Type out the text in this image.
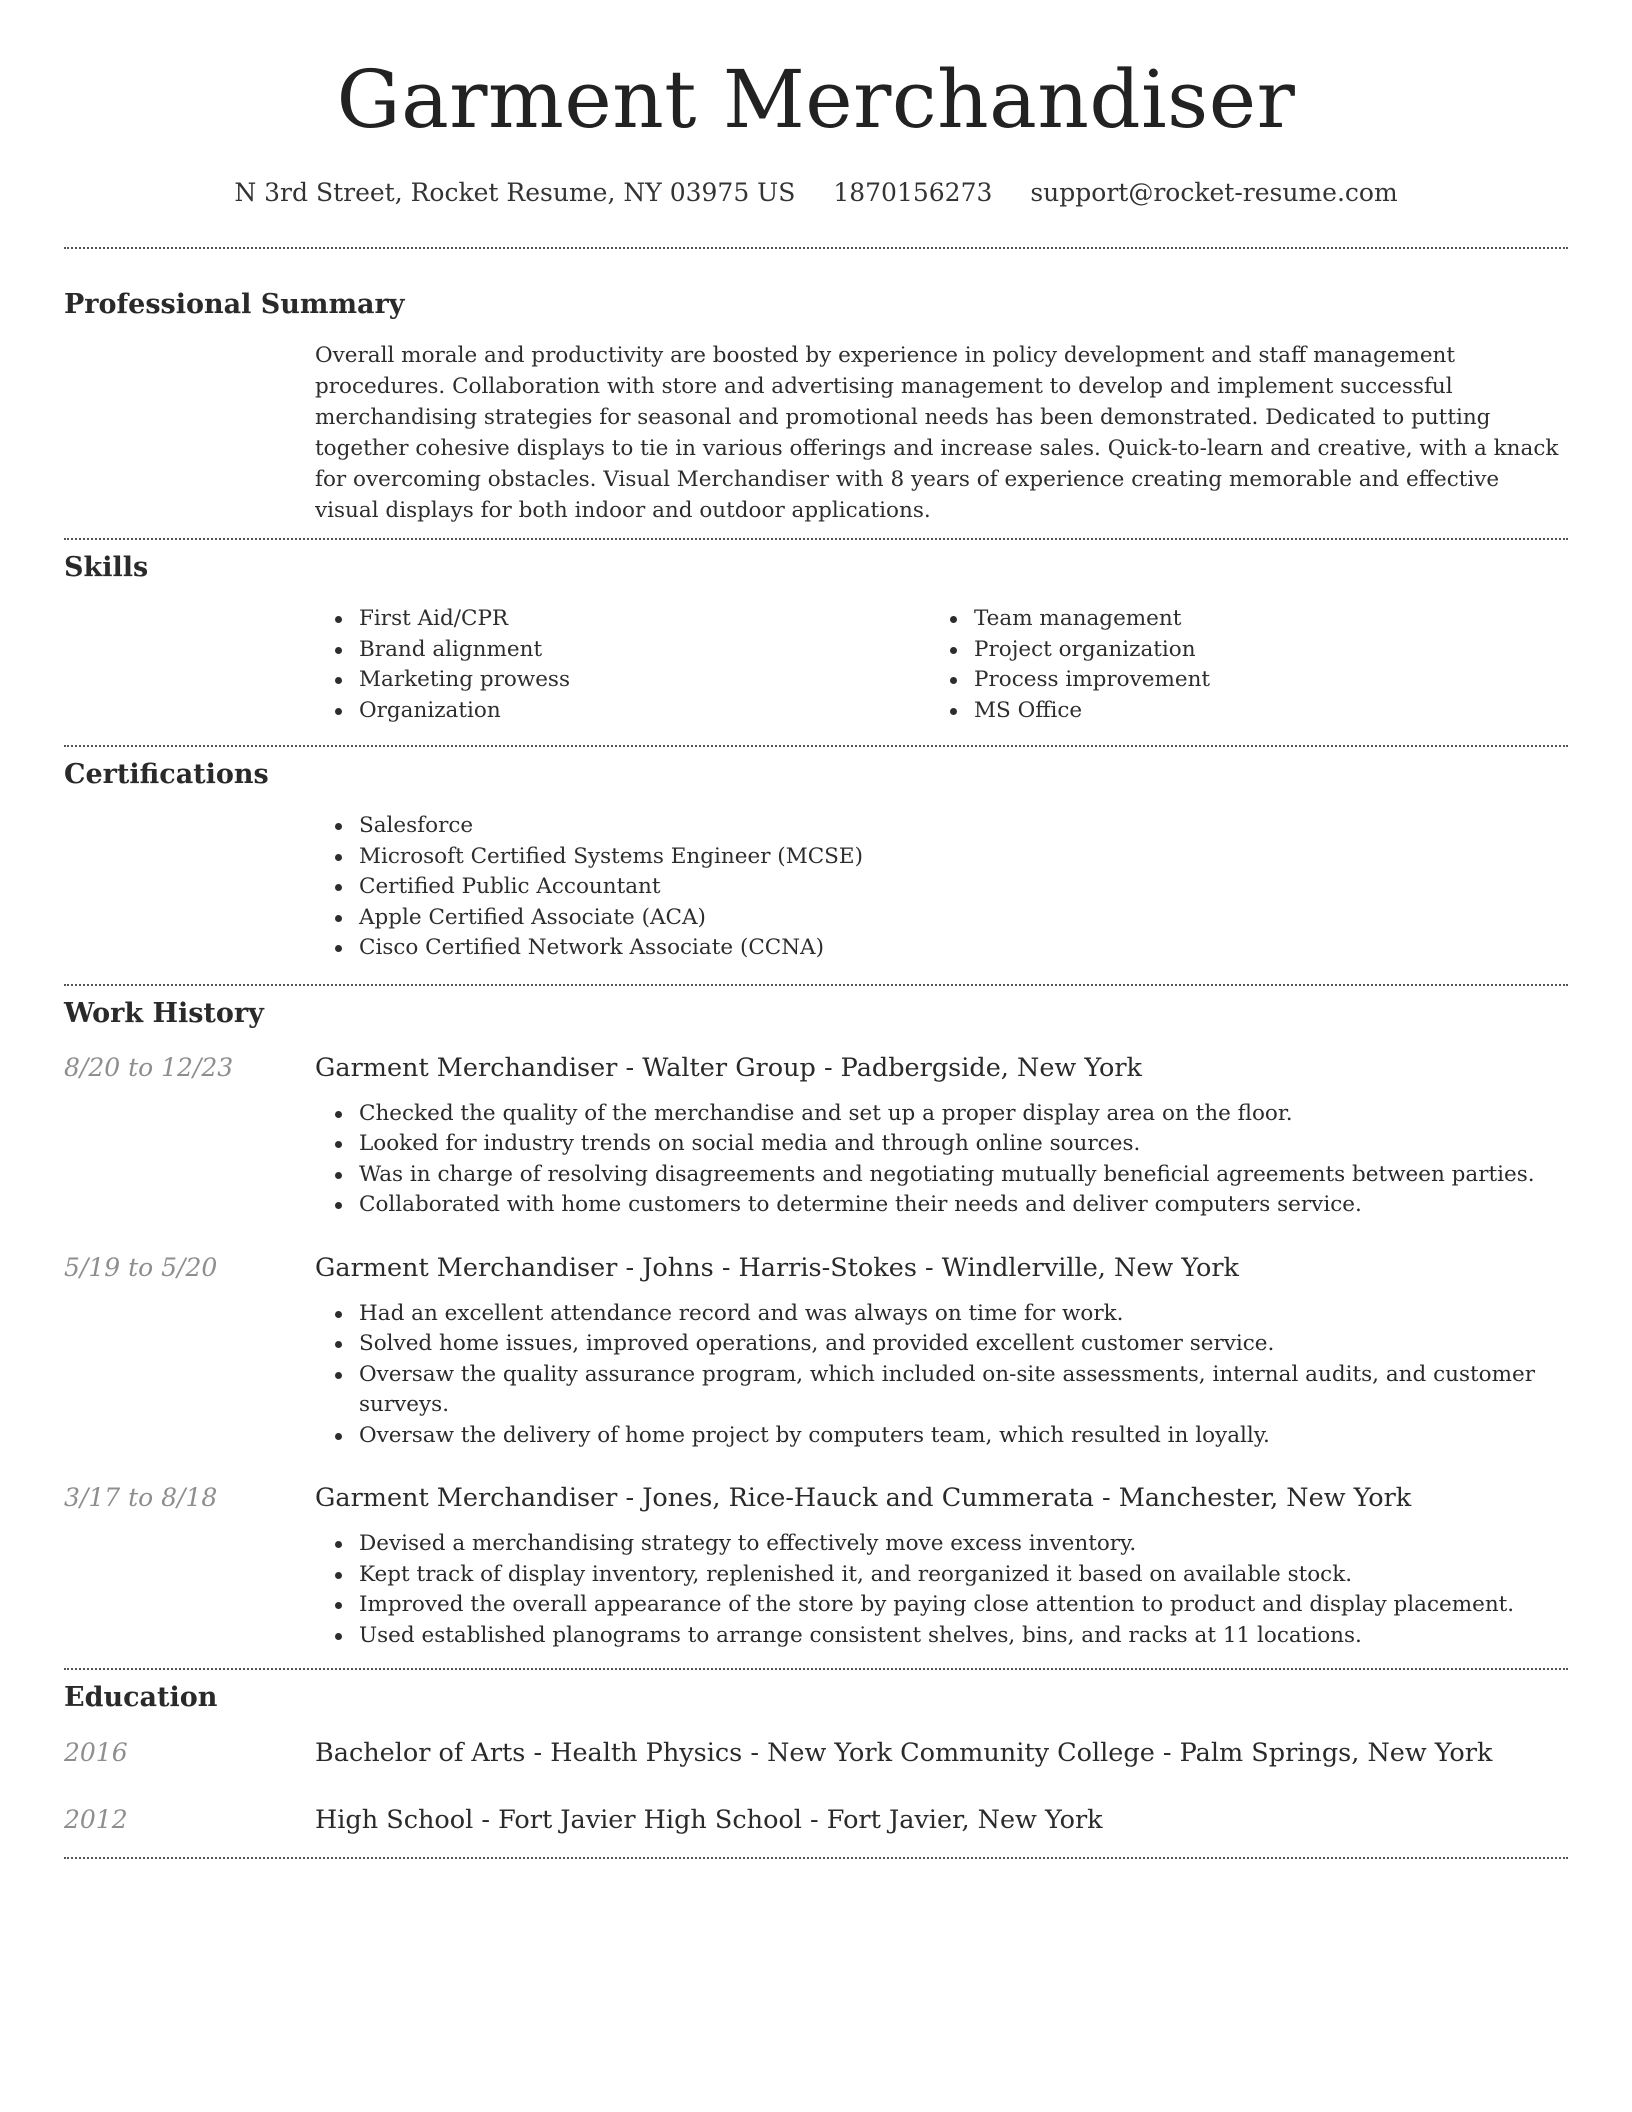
Garment Merchandiser
N 3rd Street, Rocket Resume, NY 03975 US 1870156273 support@rocket-resume.com
Professional Summary
Overall morale and productivity are boosted by experience in policy development and staff management procedures. Collaboration with store and advertising management to develop and implement successful merchandising strategies for seasonal and promotional needs has been demonstrated. Dedicated to putting together cohesive displays to tie in various offerings and increase sales. Quick-to-learn and creative, with a knack for overcoming obstacles. Visual Merchandiser with 8 years of experience creating memorable and effective visual displays for both indoor and outdoor applications.
Skills
First Aid/CPR
Brand alignment
Marketing prowess
Organization
Team management
Project organization
Process improvement
MS Office
Certifications
Salesforce
Microsoft Certified Systems Engineer (MCSE)
Certified Public Accountant
Apple Certified Associate (ACA)
Cisco Certified Network Associate (CCNA)
Work History
8/20 to 12/23	Garment Merchandiser - Walter Group - Padbergside, New York
Checked the quality of the merchandise and set up a proper display area on the floor.
Looked for industry trends on social media and through online sources.
Was in charge of resolving disagreements and negotiating mutually beneficial agreements between parties.
Collaborated with home customers to determine their needs and deliver computers service.
5/19 to 5/20	Garment Merchandiser - Johns - Harris-Stokes - Windlerville, New York
Had an excellent attendance record and was always on time for work.
Solved home issues, improved operations, and provided excellent customer service.
Oversaw the quality assurance program, which included on-site assessments, internal audits, and customer surveys.
Oversaw the delivery of home project by computers team, which resulted in loyally.
3/17 to 8/18	Garment Merchandiser - Jones, Rice-Hauck and Cummerata - Manchester, New York
Devised a merchandising strategy to effectively move excess inventory.
Kept track of display inventory, replenished it, and reorganized it based on available stock.
Improved the overall appearance of the store by paying close attention to product and display placement.
Used established planograms to arrange consistent shelves, bins, and racks at 11 locations.
Education
2016	Bachelor of Arts - Health Physics - New York Community College - Palm Springs, New York
2012	High School - Fort Javier High School - Fort Javier, New York
